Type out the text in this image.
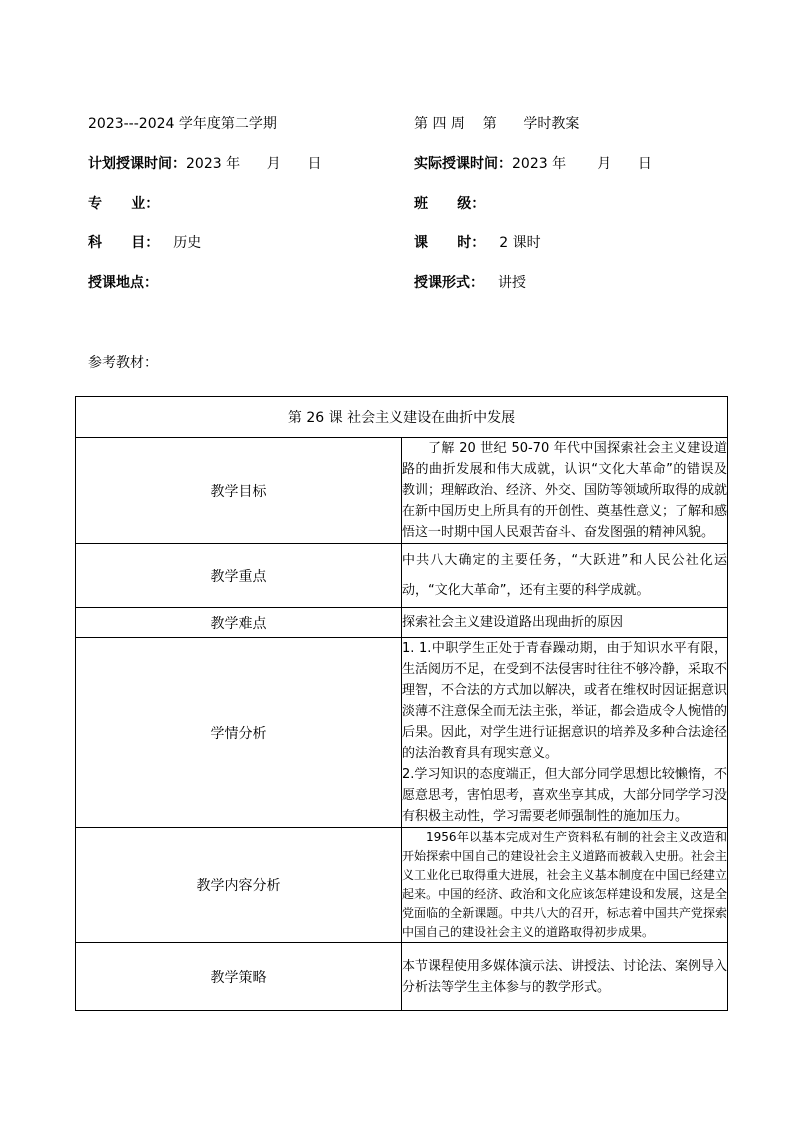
2023---2024 学年度第二学期	第 四 周    第      学时教案
计划授课时间：2023 年      月      日	实际授课时间：2023 年       月      日
专      业：	班      级：
科      目： 历史	课      时： 2 课时
授课地点：	授课形式： 讲授
参考教材：
第 26 课 社会主义建设在曲折中发展	
教学目标	了解 20 世纪 50-70 年代中国探索社会主义建设道路的曲折发展和伟大成就，认识“文化大革命”的错误及教训；理解政治、经济、外交、国防等领域所取得的成就在新中国历史上所具有的开创性、奠基性意义；了解和感悟这一时期中国人民艰苦奋斗、奋发图强的精神风貌。

教学重点	中共八大确定的主要任务，“大跃进”和人民公社化运动，“文化大革命”，还有主要的科学成就。

教学难点	探索社会主义建设道路出现曲折的原因

学情分析	1. 1.中职学生正处于青春躁动期，由于知识水平有限，生活阅历不足，在受到不法侵害时往往不够冷静，采取不理智，不合法的方式加以解决，或者在维权时因证据意识淡薄不注意保全而无法主张，举证，都会造成令人惋惜的后果。因此，对学生进行证据意识的培养及多种合法途径的法治教育具有现实意义。

2.学习知识的态度端正，但大部分同学思想比较懒惰，不愿意思考，害怕思考，喜欢坐享其成，大部分同学学习没有积极主动性，学习需要老师强制性的施加压力。

教学内容分析	1956年以基本完成对生产资料私有制的社会主义改造和开始探索中国自己的建设社会主义道路而被载入史册。社会主义工业化已取得重大进展，社会主义基本制度在中国已经建立起来。中国的经济、政治和文化应该怎样建设和发展，这是全党面临的全新课题。中共八大的召开，标志着中国共产党探索中国自己的建设社会主义的道路取得初步成果。

教学策略	本节课程使用多媒体演示法、讲授法、讨论法、案例导入分析法等学生主体参与的教学形式。
